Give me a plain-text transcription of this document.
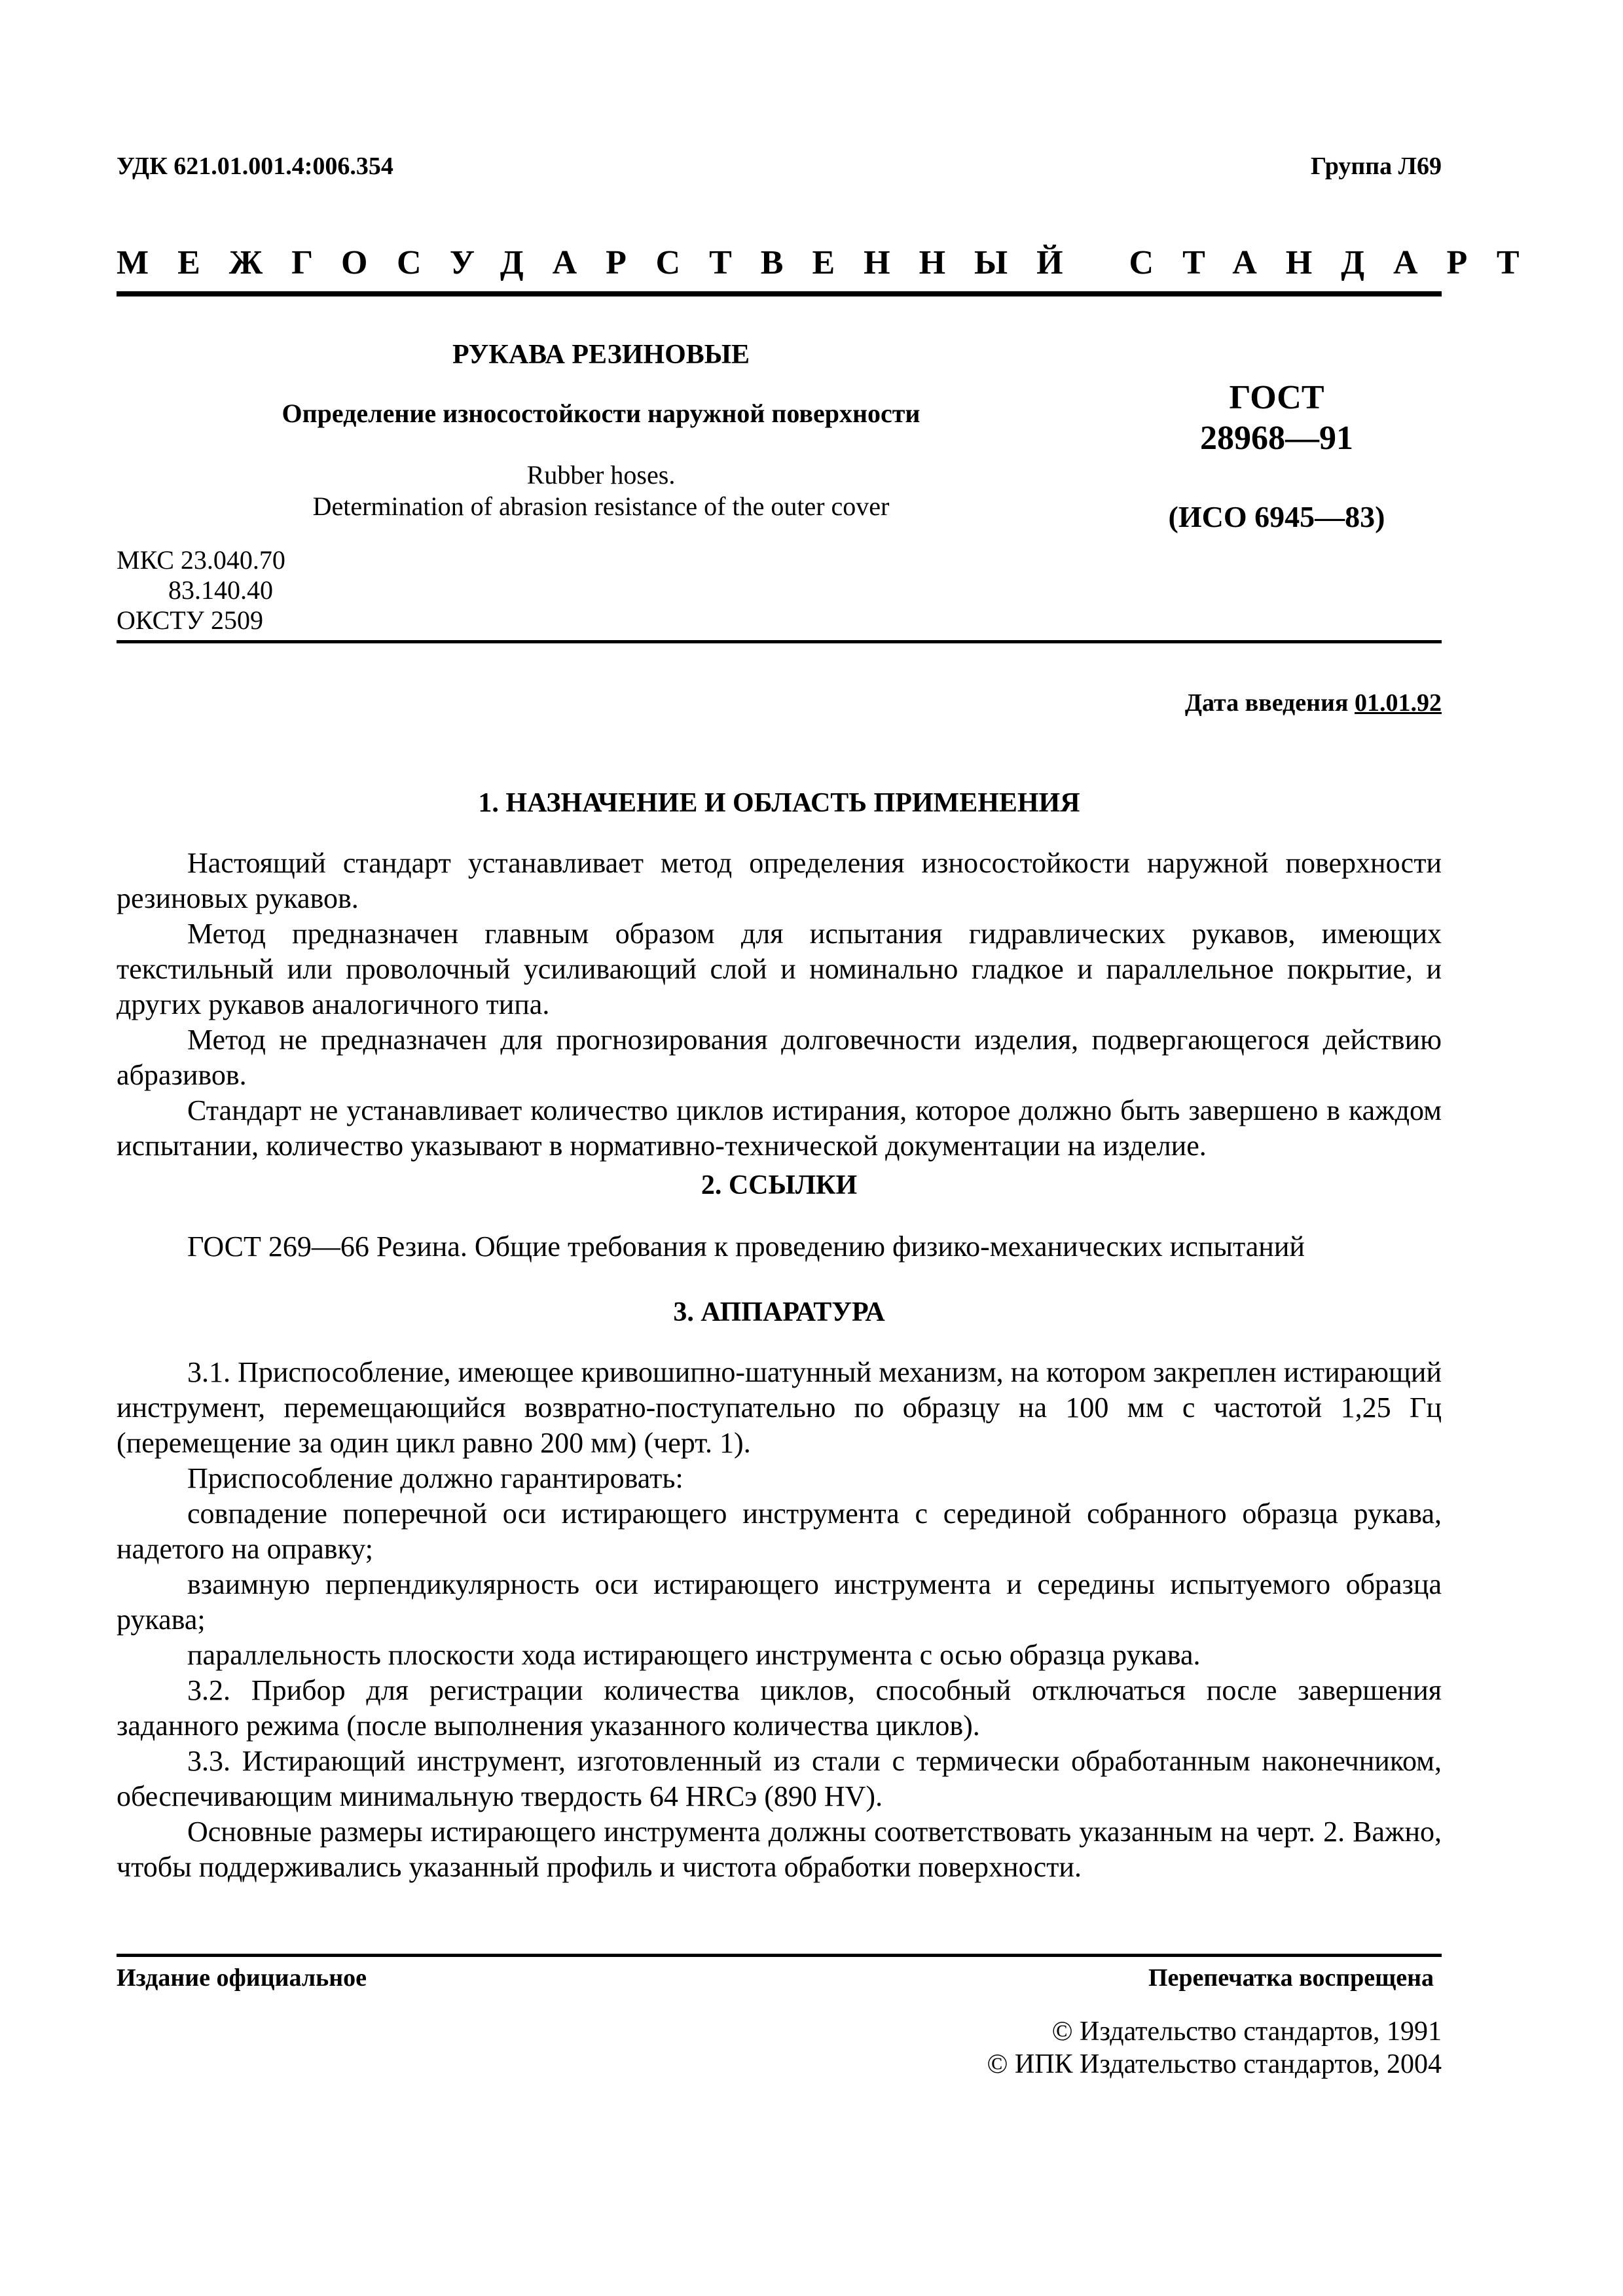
УДК 621.01.001.4:006.354	Группа Л69
МЕЖГОСУДАРСТВЕННЫЙ СТАНДАРТ
РУКАВА РЕЗИНОВЫЕ
Определение износостойкости наружной поверхности
Rubber hoses.
Determination of abrasion resistance of the outer cover
ГОСТ
28968—91
(ИСО 6945—83)
МКС 23.040.70
83.140.40
ОКСТУ 2509
Дата введения 01.01.92
1. НАЗНАЧЕНИЕ И ОБЛАСТЬ ПРИМЕНЕНИЯ

Настоящий стандарт устанавливает метод определения износостойкости наружной поверхности резиновых рукавов.

Метод предназначен главным образом для испытания гидравлических рукавов, имеющих текстильный или проволочный усиливающий слой и номинально гладкое и параллельное покрытие, и других рукавов аналогичного типа.

Метод не предназначен для прогнозирования долговечности изделия, подвергающегося действию абразивов.

Стандарт не устанавливает количество циклов истирания, которое должно быть завершено в каждом испытании, количество указывают в нормативно-технической документации на изделие.

2. ССЫЛКИ

ГОСТ 269—66 Резина. Общие требования к проведению физико-механических испытаний

3. АППАРАТУРА

3.1. Приспособление, имеющее кривошипно-шатунный механизм, на котором закреплен истирающий инструмент, перемещающийся возвратно-поступательно по образцу на 100 мм с частотой 1,25 Гц (перемещение за один цикл равно 200 мм) (черт. 1).

Приспособление должно гарантировать:

совпадение поперечной оси истирающего инструмента с серединой собранного образца рукава, надетого на оправку;

взаимную перпендикулярность оси истирающего инструмента и середины испытуемого образца рукава;

параллельность плоскости хода истирающего инструмента с осью образца рукава.

3.2. Прибор для регистрации количества циклов, способный отключаться после завершения заданного режима (после выполнения указанного количества циклов).

3.3. Истирающий инструмент, изготовленный из стали с термически обработанным наконечником, обеспечивающим минимальную твердость 64 HRCэ (890 HV).

Основные размеры истирающего инструмента должны соответствовать указанным на черт. 2. Важно, чтобы поддерживались указанный профиль и чистота обработки поверхности.

Издание официальное	Перепечатка воспрещена
© Издательство стандартов, 1991
© ИПК Издательство стандартов, 2004
